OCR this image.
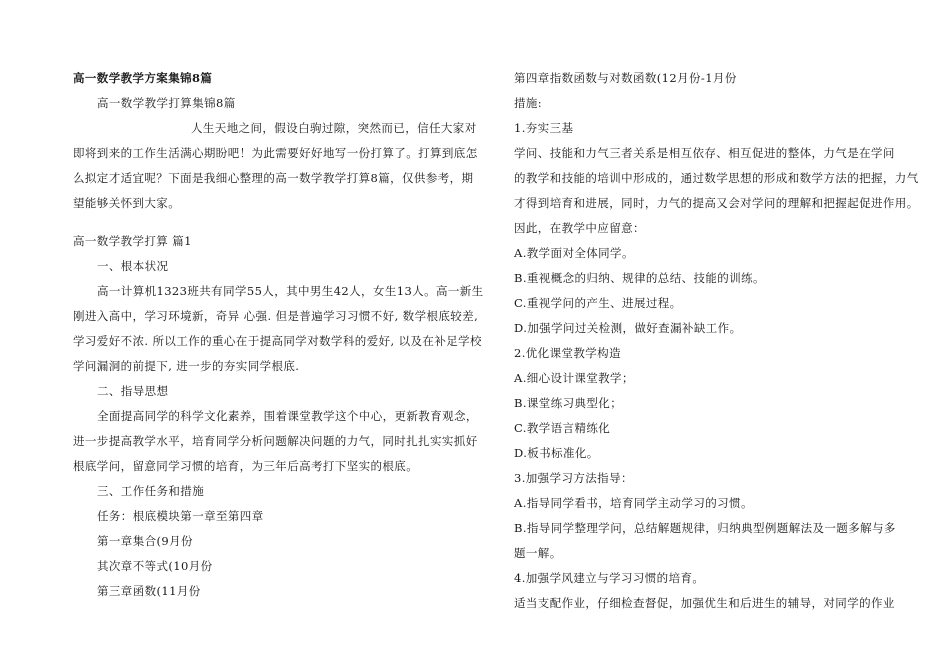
高一数学教学方案集锦8篇
高一数学教学打算集锦8篇
人生天地之间，假设白驹过隙，突然而已，信任大家对
即将到来的工作生活满心期盼吧！为此需要好好地写一份打算了。打算到底怎
么拟定才适宜呢？下面是我细心整理的高一数学教学打算8篇，仅供参考，期
望能够关怀到大家。
高一数学教学打算 篇1
一、根本状况
高一计算机1323班共有同学55人，其中男生42人，女生13人。高一新生
刚进入高中，学习环境新，奇异 心强. 但是普遍学习习惯不好, 数学根底较差,
学习爱好不浓. 所以工作的重心在于提高同学对数学科的爱好, 以及在补足学校
学问漏洞的前提下, 进一步的夯实同学根底.
二、指导思想
全面提高同学的科学文化素养，围着课堂教学这个中心，更新教育观念，
进一步提高教学水平，培育同学分析问题解决问题的力气，同时扎扎实实抓好
根底学问，留意同学习惯的培育，为三年后高考打下坚实的根底。
三、工作任务和措施
任务：根底模块第一章至第四章
第一章集合(9月份
其次章不等式(10月份
第三章函数(11月份
第四章指数函数与对数函数(12月份-1月份
措施:
1.夯实三基
学问、技能和力气三者关系是相互依存、相互促进的整体，力气是在学问
的教学和技能的培训中形成的，通过数学思想的形成和数学方法的把握，力气
才得到培育和进展，同时，力气的提高又会对学问的理解和把握起促进作用。
因此，在教学中应留意：
A.教学面对全体同学。
B.重视概念的归纳、规律的总结、技能的训练。
C.重视学问的产生、进展过程。
D.加强学问过关检测，做好查漏补缺工作。
2.优化课堂教学构造
A.细心设计课堂教学；
B.课堂练习典型化；
C.教学语言精练化
D.板书标准化。
3.加强学习方法指导：
A.指导同学看书，培育同学主动学习的习惯。
B.指导同学整理学问，总结解题规律，归纳典型例题解法及一题多解与多
题一解。
4.加强学风建立与学习习惯的培育。
适当支配作业，仔细检查督促，加强优生和后进生的辅导，对同学的作业
